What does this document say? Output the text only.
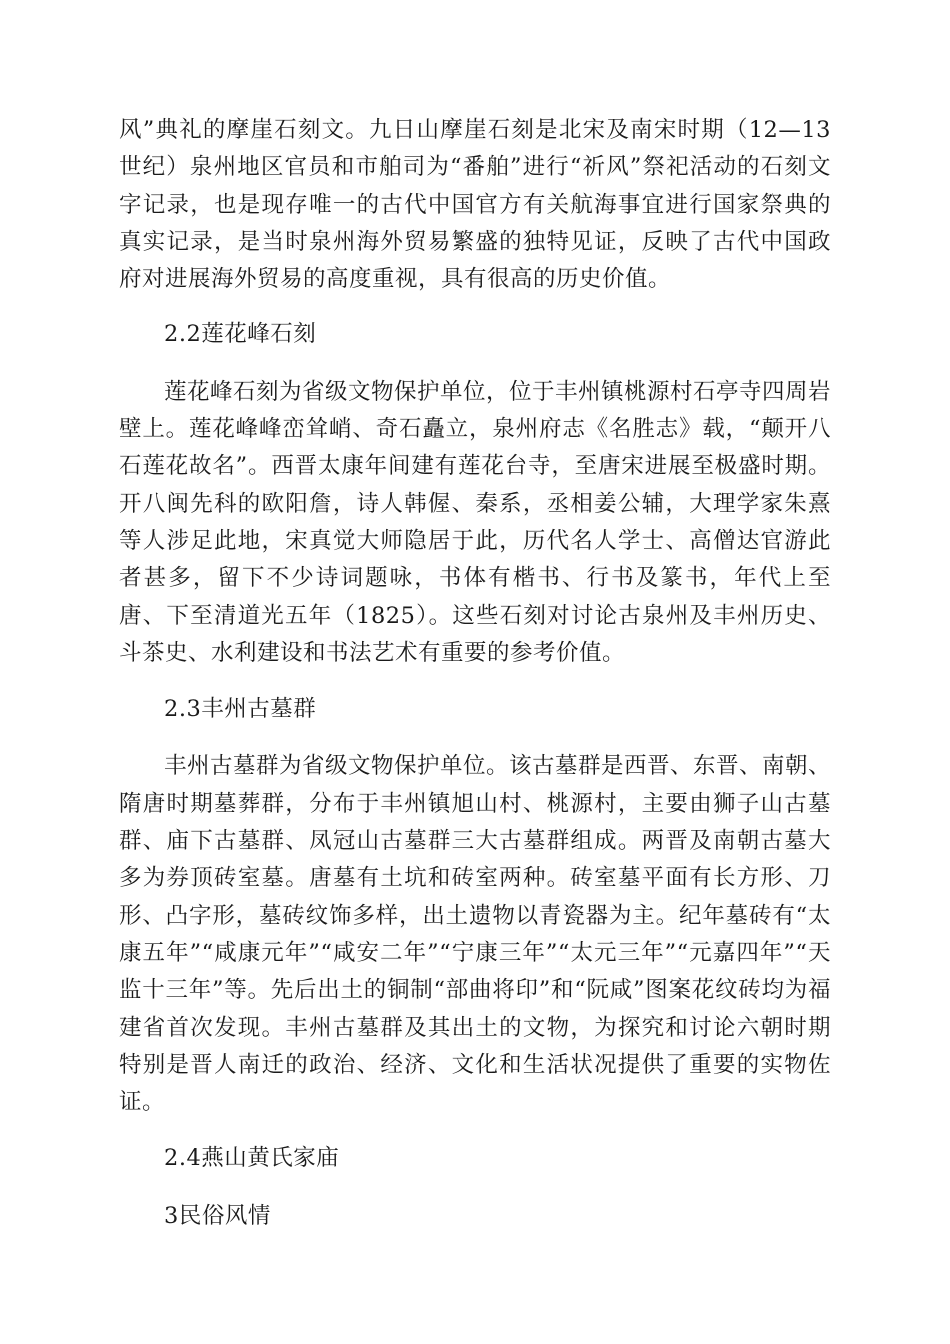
风”典礼的摩崖石刻文。九日山摩崖石刻是北宋及南宋时期（12—13世纪）泉州地区官员和市舶司为“番舶”进行“祈风”祭祀活动的石刻文字记录，也是现存唯一的古代中国官方有关航海事宜进行国家祭典的真实记录，是当时泉州海外贸易繁盛的独特见证，反映了古代中国政府对进展海外贸易的高度重视，具有很高的历史价值。

2.2莲花峰石刻

莲花峰石刻为省级文物保护单位，位于丰州镇桃源村石亭寺四周岩壁上。莲花峰峰峦耸峭、奇石矗立，泉州府志《名胜志》载，“颠开八石莲花故名”。西晋太康年间建有莲花台寺，至唐宋进展至极盛时期。开八闽先科的欧阳詹，诗人韩偓、秦系，丞相姜公辅，大理学家朱熹等人涉足此地，宋真觉大师隐居于此，历代名人学士、高僧达官游此者甚多，留下不少诗词题咏，书体有楷书、行书及篆书，年代上至唐、下至清道光五年（1825）。这些石刻对讨论古泉州及丰州历史、斗茶史、水利建设和书法艺术有重要的参考价值。

2.3丰州古墓群

丰州古墓群为省级文物保护单位。该古墓群是西晋、东晋、南朝、隋唐时期墓葬群，分布于丰州镇旭山村、桃源村，主要由狮子山古墓群、庙下古墓群、凤冠山古墓群三大古墓群组成。两晋及南朝古墓大多为券顶砖室墓。唐墓有土坑和砖室两种。砖室墓平面有长方形、刀形、凸字形，墓砖纹饰多样，出土遗物以青瓷器为主。纪年墓砖有“太康五年”“咸康元年”“咸安二年”“宁康三年”“太元三年”“元嘉四年”“天监十三年”等。先后出土的铜制“部曲将印”和“阮咸”图案花纹砖均为福建省首次发现。丰州古墓群及其出土的文物，为探究和讨论六朝时期特别是晋人南迁的政治、经济、文化和生活状况提供了重要的实物佐证。

2.4燕山黄氏家庙

3民俗风情
